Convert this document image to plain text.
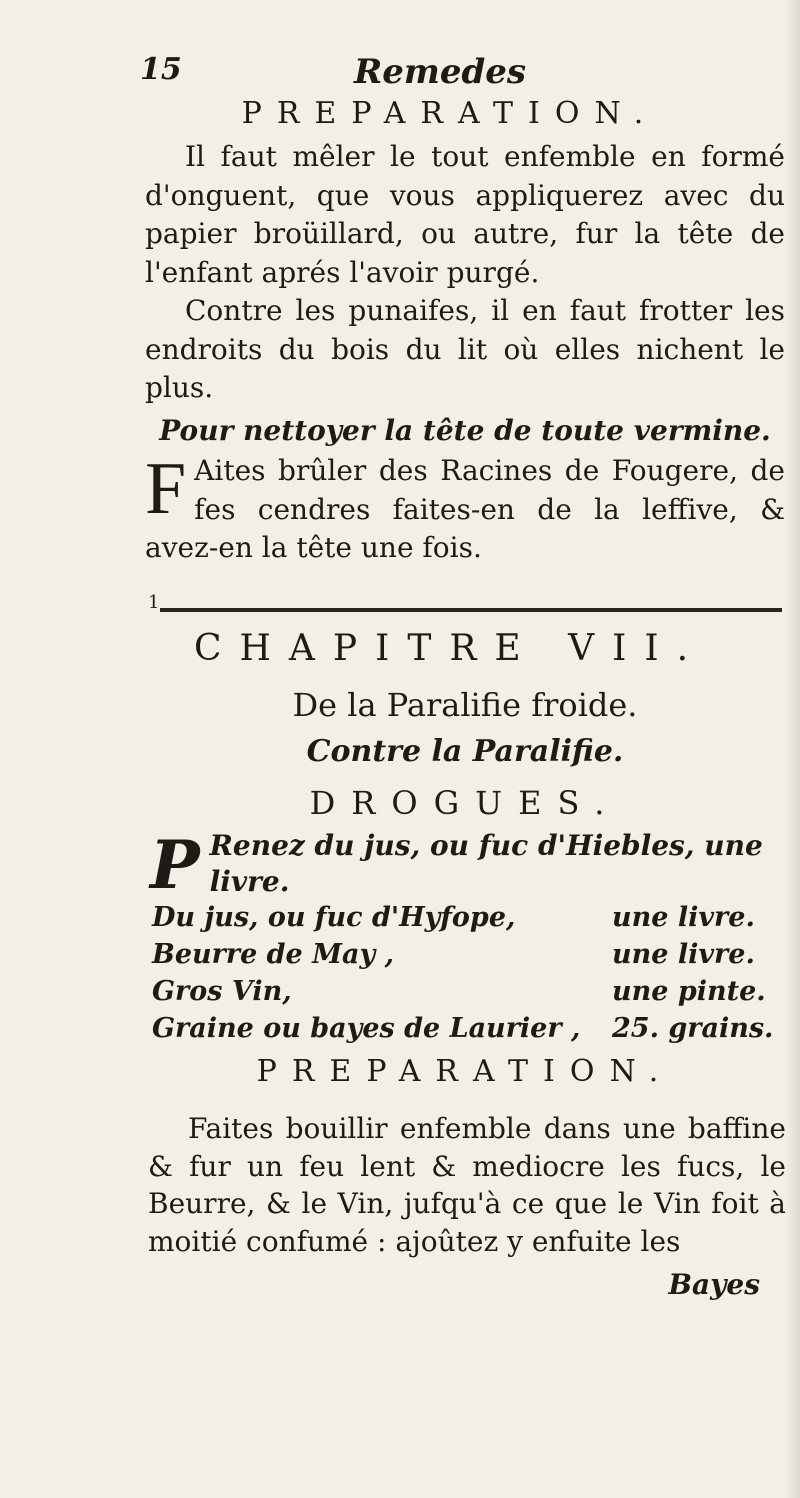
15	Remedes
PREPARATION.

Il faut mêler le tout enfemble en formé d'onguent, que vous appliquerez avec du papier broüillard, ou autre, fur la tête de l'enfant aprés l'avoir purgé.

Contre les punaifes, il en faut frotter les endroits du bois du lit où elles nichent le plus.

Pour nettoyer la tête de toute vermine.

F Aites brûler des Racines de Fougere, de fes cendres faites-en de la leffive, & avez-en la tête une fois.

1
CHAPITRE VII.
De la Paralifie froide.
Contre la Paralifie.
DROGUES.
P Renez du jus, ou fuc d'Hiebles, une livre.
Du jus, ou fuc d'Hyfope,	une livre.
Beurre de May ,	une livre.
Gros Vin,	une pinte.
Graine ou bayes de Laurier , 25. grains.
PREPARATION.

Faites bouillir enfemble dans une baffine & fur un feu lent & mediocre les fucs, le Beurre, & le Vin, jufqu'à ce que le Vin foit à moitié confumé : ajoûtez y enfuite les

Bayes
